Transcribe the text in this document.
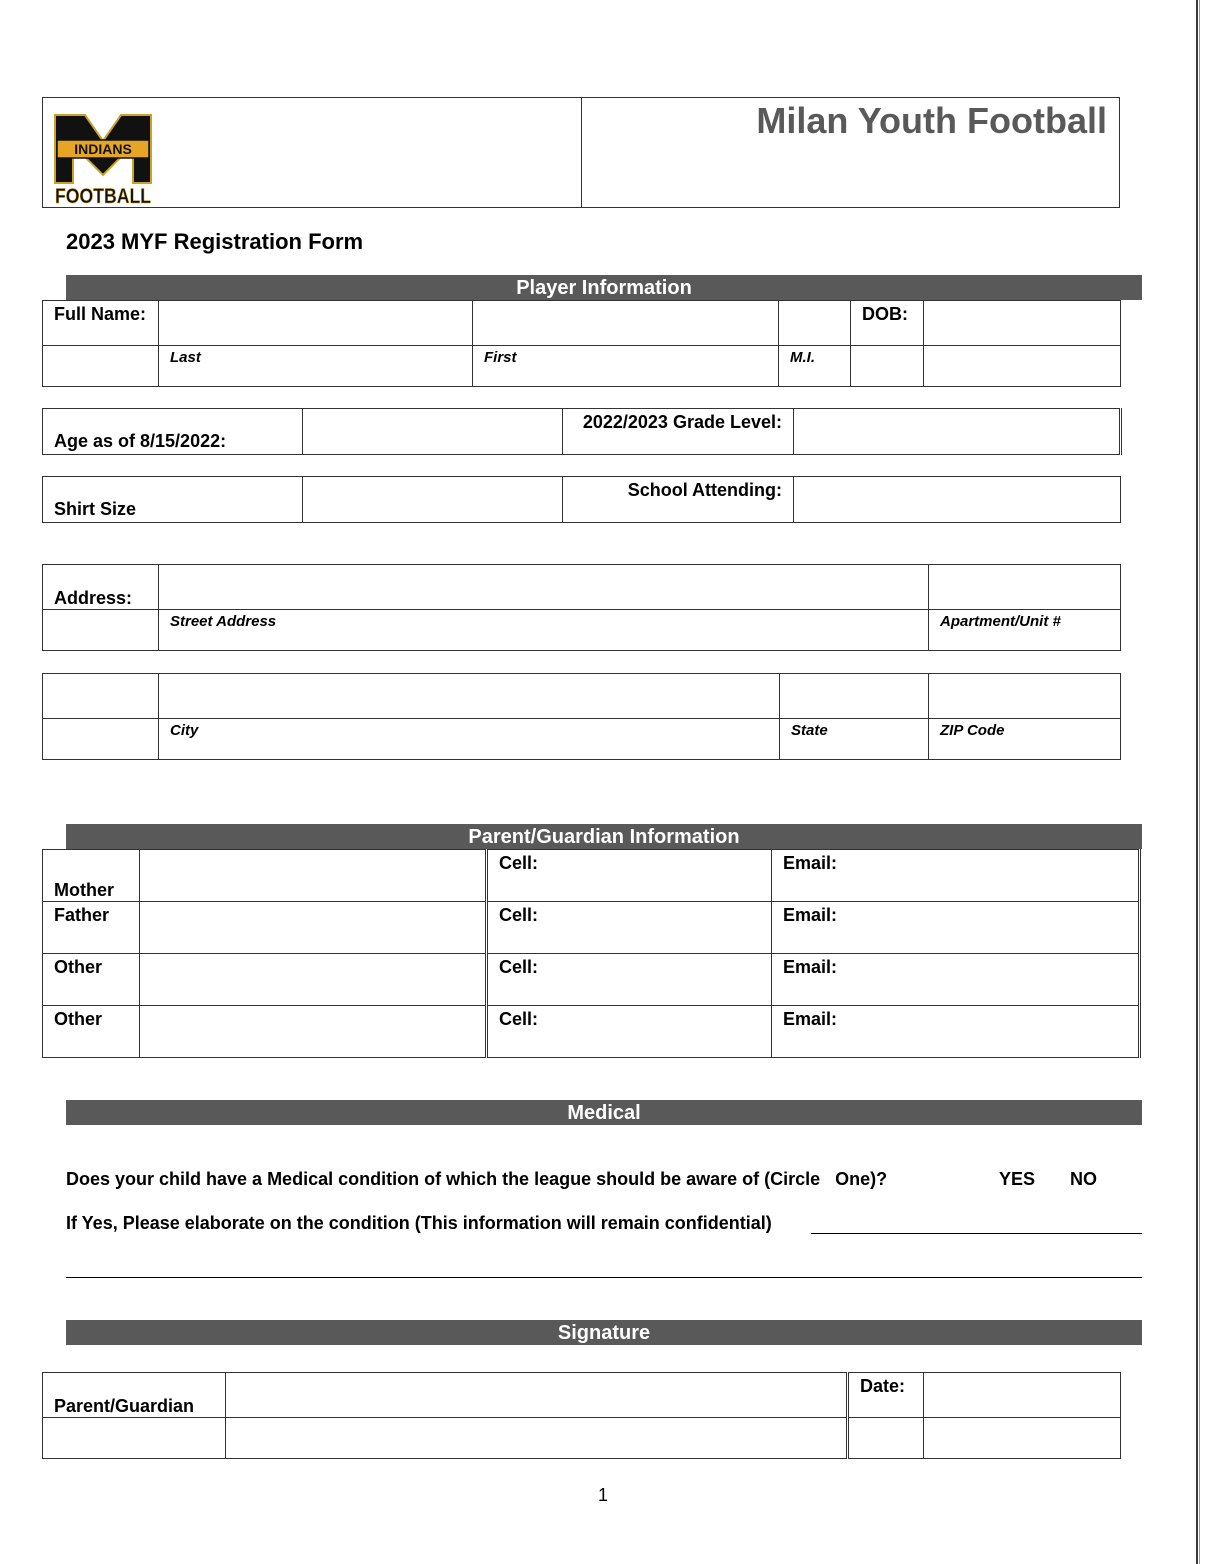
INDIANS
FOOTBALL
Milan Youth Football
2023 MYF Registration Form
Player Information
Full Name:				DOB:	
	Last	First	M.I.		
Age as of 8/15/2022:		2022/2023 Grade Level:	
Shirt Size		School Attending:	
Address:		
	Street Address	Apartment/Unit #

	City	State	ZIP Code
Parent/Guardian Information
Mother		Cell:	Email:
Father		Cell:	Email:
Other		Cell:	Email:
Other		Cell:	Email:
Medical
Does your child have a Medical condition of which the league should be aware of (Circle   One)?	YES NO
If Yes, Please elaborate on the condition (This information will remain confidential)
Signature
Parent/Guardian		Date:	

1
